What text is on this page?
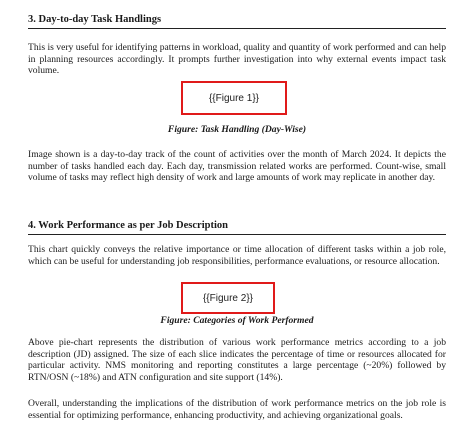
3. Day-to-day Task Handlings
This is very useful for identifying patterns in workload, quality and quantity of work performed and can help in planning resources accordingly. It prompts further investigation into why external events impact task volume.
{{Figure 1}}
Figure: Task Handling (Day-Wise)
Image shown is a day-to-day track of the count of activities over the month of March 2024. It depicts the number of tasks handled each day. Each day, transmission related works are performed. Count-wise, small volume of tasks may reflect high density of work and large amounts of work may replicate in another day.
4. Work Performance as per Job Description
This chart quickly conveys the relative importance or time allocation of different tasks within a job role, which can be useful for understanding job responsibilities, performance evaluations, or resource allocation.
{{Figure 2}}
Figure: Categories of Work Performed
Above pie-chart represents the distribution of various work performance metrics according to a job description (JD) assigned. The size of each slice indicates the percentage of time or resources allocated for particular activity. NMS monitoring and reporting constitutes a large percentage (~20%) followed by RTN/OSN (~18%) and ATN configuration and site support (14%).
Overall, understanding the implications of the distribution of work performance metrics on the job role is essential for optimizing performance, enhancing productivity, and achieving organizational goals.
